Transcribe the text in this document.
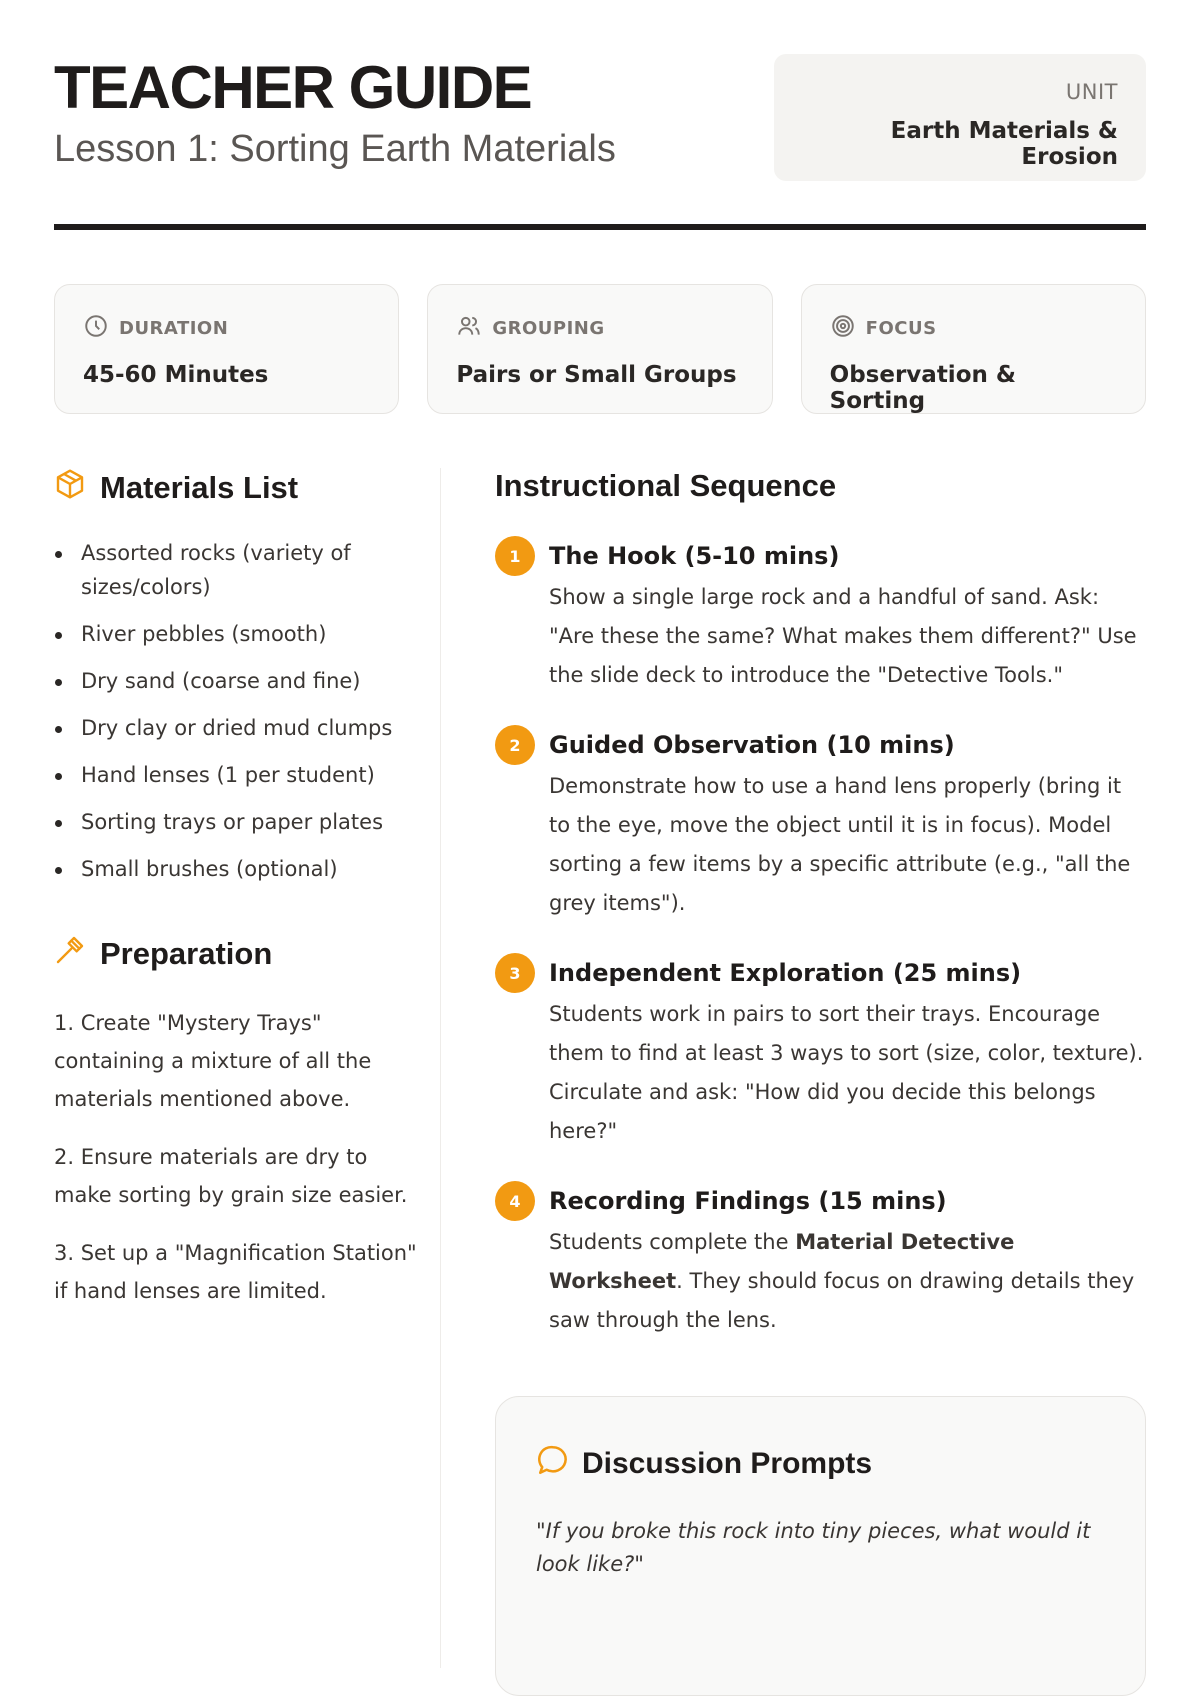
TEACHER GUIDE
Lesson 1: Sorting Earth Materials
UNIT
Earth Materials & Erosion
DURATION
45-60 Minutes
GROUPING
Pairs or Small Groups
FOCUS
Observation & Sorting
Materials List
Assorted rocks (variety of sizes/colors)
River pebbles (smooth)
Dry sand (coarse and fine)
Dry clay or dried mud clumps
Hand lenses (1 per student)
Sorting trays or paper plates
Small brushes (optional)
Preparation

1. Create "Mystery Trays" containing a mixture of all the materials mentioned above.

2. Ensure materials are dry to make sorting by grain size easier.

3. Set up a "Magnification Station" if hand lenses are limited.

Instructional Sequence
1	The Hook (5-10 mins)
Show a single large rock and a handful of sand. Ask: "Are these the same? What makes them different?" Use the slide deck to introduce the "Detective Tools."
2	Guided Observation (10 mins)
Demonstrate how to use a hand lens properly (bring it to the eye, move the object until it is in focus). Model sorting a few items by a specific attribute (e.g., "all the grey items").
3	Independent Exploration (25 mins)
Students work in pairs to sort their trays. Encourage them to find at least 3 ways to sort (size, color, texture). Circulate and ask: "How did you decide this belongs here?"
4	Recording Findings (15 mins)
Students complete the Material Detective Worksheet. They should focus on drawing details they saw through the lens.
Discussion Prompts
"If you broke this rock into tiny pieces, what would it look like?"
